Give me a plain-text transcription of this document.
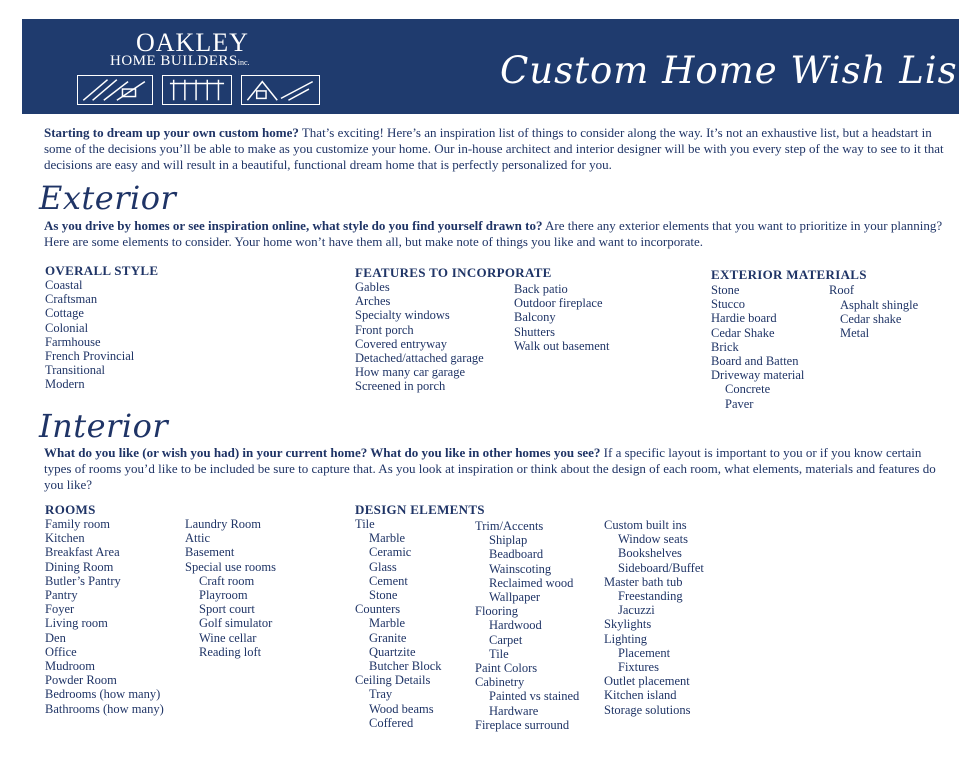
OAKLEY
HOME BUILDERSinc.	Custom Home Wish List
Starting to dream up your own custom home? That’s exciting! Here’s an inspiration list of things to consider along the way. It’s not an exhaustive list, but a headstart in some of the decisions you’ll be able to make as you customize your home. Our in-house architect and interior designer will be with you every step of the way to see to it that decisions are easy and will result in a beautiful, functional dream home that is perfectly personalized for you.
Exterior
As you drive by homes or see inspiration online, what style do you find yourself drawn to? Are there any exterior elements that you want to prioritize in your planning? Here are some elements to consider. Your home won’t have them all, but make note of things you like and want to incorporate.
OVERALL STYLE
Coastal
Craftsman
Cottage
Colonial
Farmhouse
French Provincial
Transitional
Modern
FEATURES TO INCORPORATE
Gables
Arches
Specialty windows
Front porch
Covered entryway
Detached/attached garage
How many car garage
Screened in porch
Back patio
Outdoor fireplace
Balcony
Shutters
Walk out basement
EXTERIOR MATERIALS
Stone
Stucco
Hardie board
Cedar Shake
Brick
Board and Batten
Driveway material
Concrete
Paver
Roof
Asphalt shingle
Cedar shake
Metal
Interior
What do you like (or wish you had) in your current home? What do you like in other homes you see? If a specific layout is important to you or if you know certain types of rooms you’d like to be included be sure to capture that. As you look at inspiration or think about the design of each room, what elements, materials and features do you like?
ROOMS
Family room
Kitchen
Breakfast Area
Dining Room
Butler’s Pantry
Pantry
Foyer
Living room
Den
Office
Mudroom
Powder Room
Bedrooms (how many)
Bathrooms (how many)
Laundry Room
Attic
Basement
Special use rooms
Craft room
Playroom
Sport court
Golf simulator
Wine cellar
Reading loft
DESIGN ELEMENTS
Tile
Marble
Ceramic
Glass
Cement
Stone
Counters
Marble
Granite
Quartzite
Butcher Block
Ceiling Details
Tray
Wood beams
Coffered
Trim/Accents
Shiplap
Beadboard
Wainscoting
Reclaimed wood
Wallpaper
Flooring
Hardwood
Carpet
Tile
Paint Colors
Cabinetry
Painted vs stained
Hardware
Fireplace surround
Custom built ins
Window seats
Bookshelves
Sideboard/Buffet
Master bath tub
Freestanding
Jacuzzi
Skylights
Lighting
Placement
Fixtures
Outlet placement
Kitchen island
Storage solutions
